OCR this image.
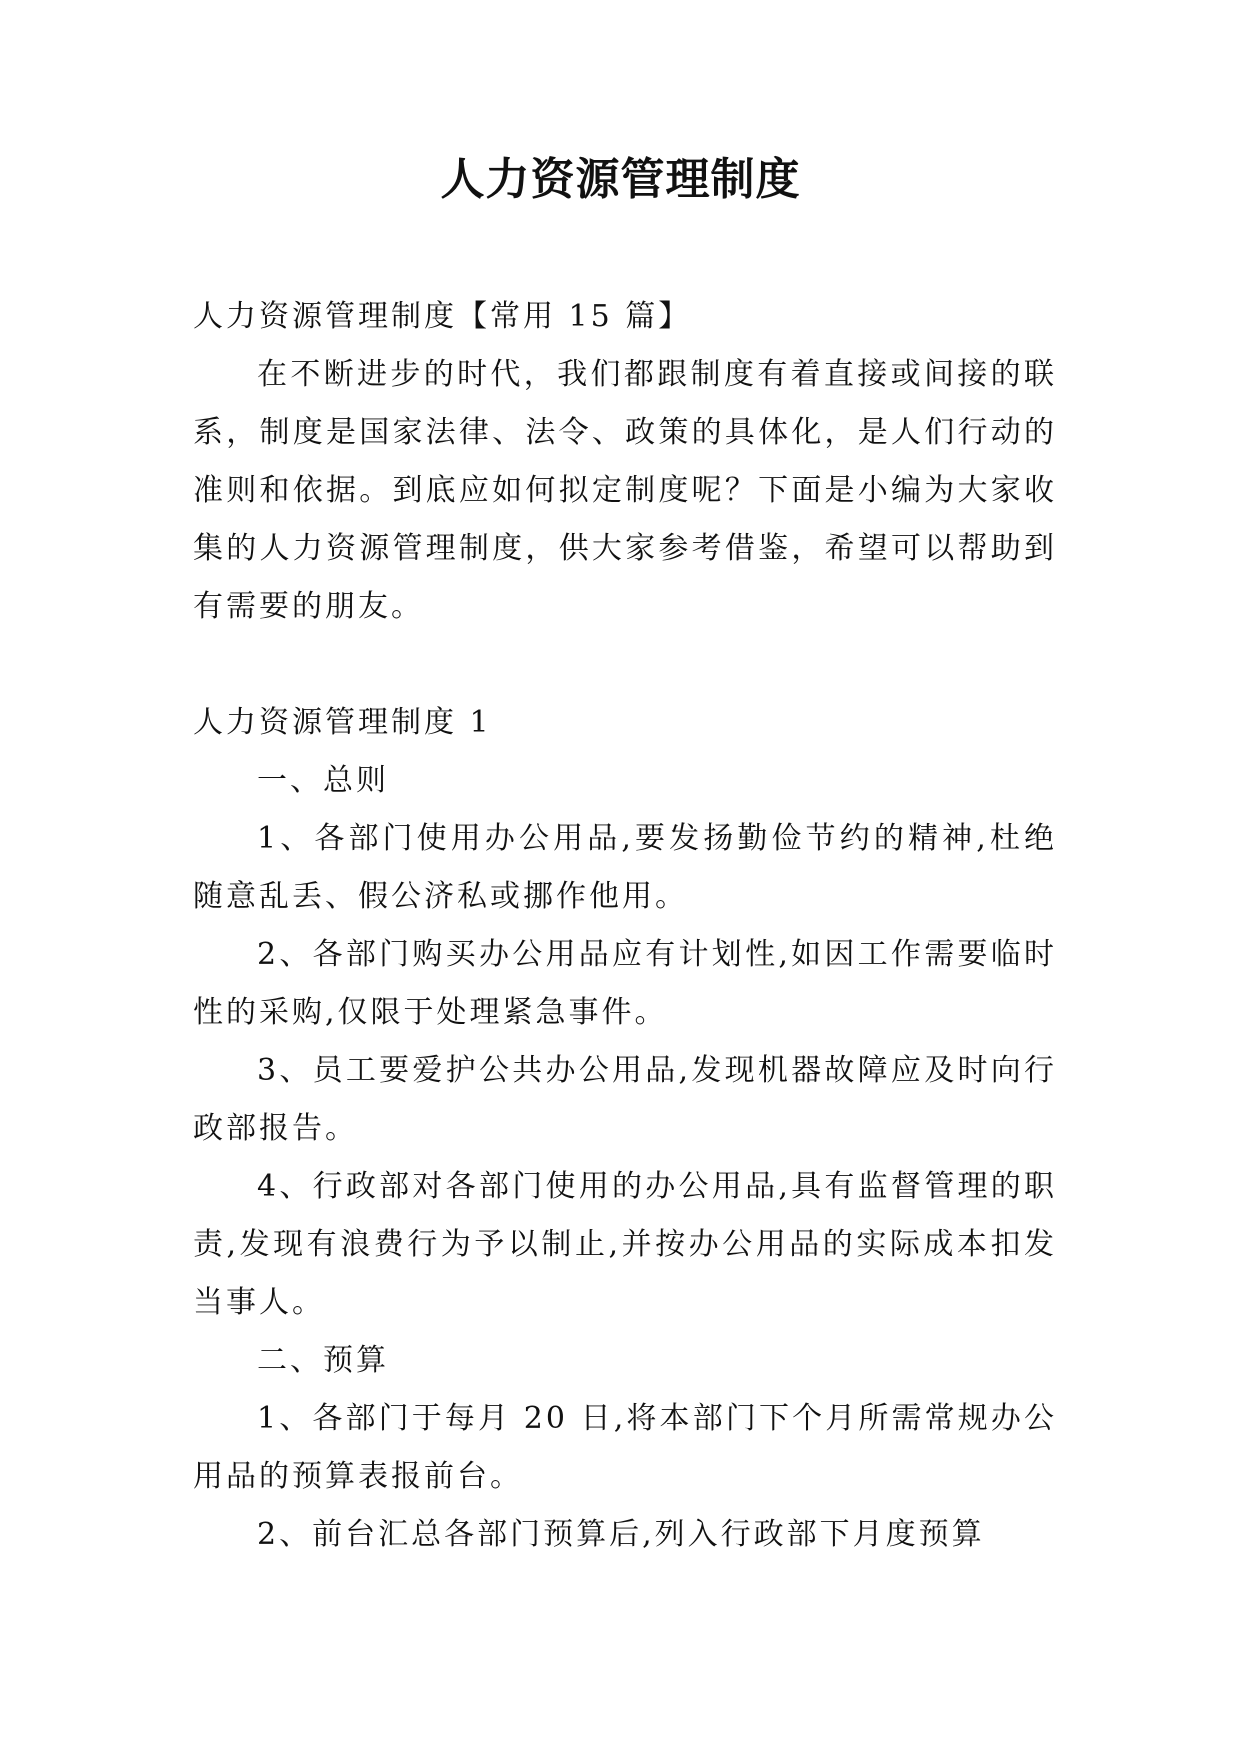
人力资源管理制度

人力资源管理制度【常用 15 篇】

在不断进步的时代，我们都跟制度有着直接或间接的联系，制度是国家法律、法令、政策的具体化，是人们行动的准则和依据。到底应如何拟定制度呢？下面是小编为大家收集的人力资源管理制度，供大家参考借鉴，希望可以帮助到有需要的朋友。

人力资源管理制度 1

一、总则

1、各部门使用办公用品,要发扬勤俭节约的精神,杜绝随意乱丢、假公济私或挪作他用。

2、各部门购买办公用品应有计划性,如因工作需要临时性的采购,仅限于处理紧急事件。

3、员工要爱护公共办公用品,发现机器故障应及时向行政部报告。

4、行政部对各部门使用的办公用品,具有监督管理的职责,发现有浪费行为予以制止,并按办公用品的实际成本扣发当事人。

二、预算

1、各部门于每月 20 日,将本部门下个月所需常规办公用品的预算表报前台。

2、前台汇总各部门预算后,列入行政部下月度预算
